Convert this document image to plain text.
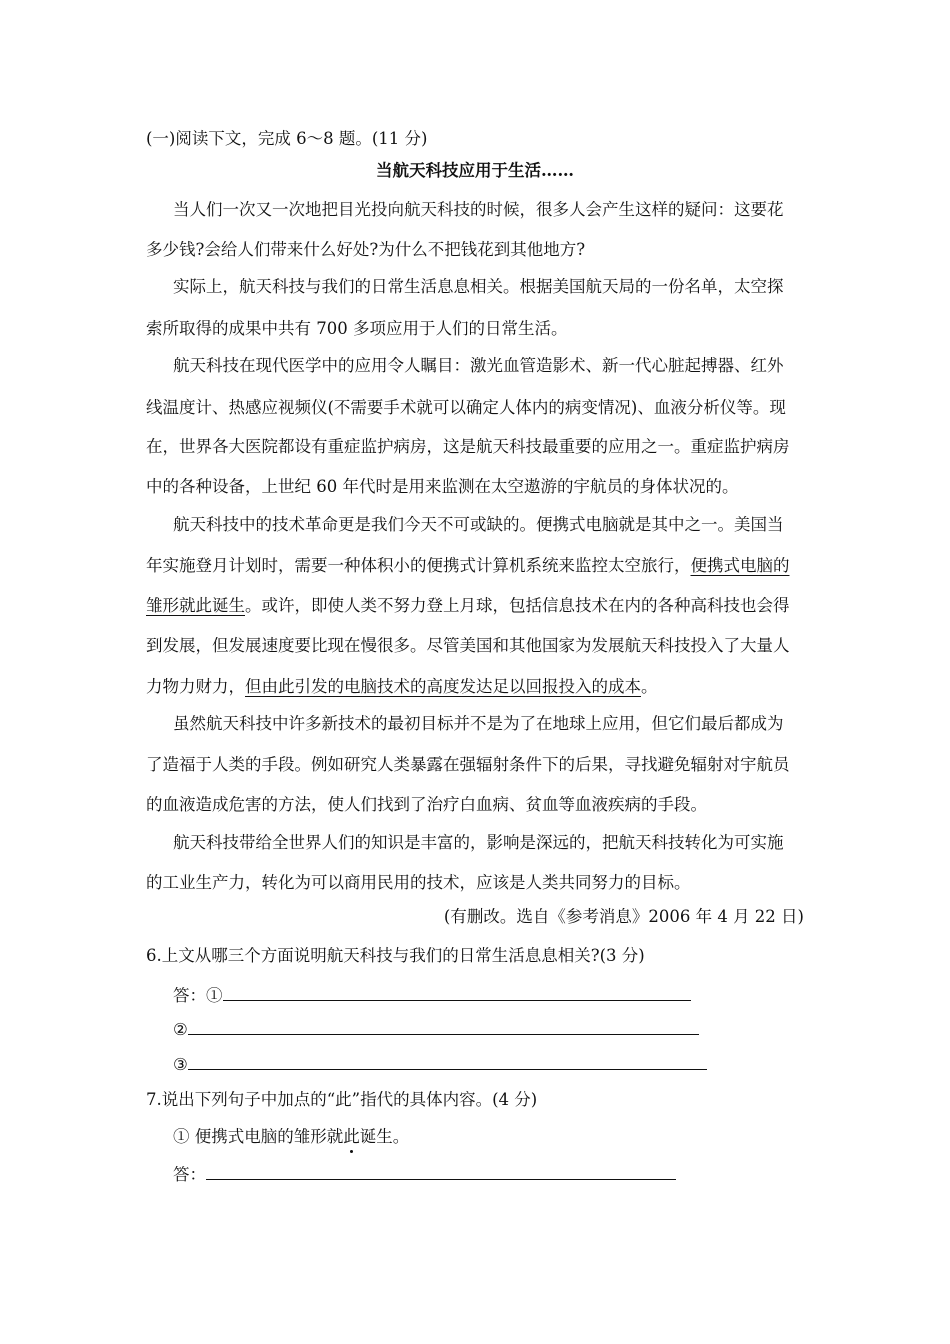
(一)阅读下文，完成 6～8 题。(11 分)
当航天科技应用于生活……
当人们一次又一次地把目光投向航天科技的时候，很多人会产生这样的疑问：这要花
多少钱?会给人们带来什么好处?为什么不把钱花到其他地方?
实际上，航天科技与我们的日常生活息息相关。根据美国航天局的一份名单，太空探
索所取得的成果中共有 700 多项应用于人们的日常生活。
航天科技在现代医学中的应用令人瞩目：激光血管造影术、新一代心脏起搏器、红外
线温度计、热感应视频仪(不需要手术就可以确定人体内的病变情况)、血液分析仪等。现
在，世界各大医院都设有重症监护病房，这是航天科技最重要的应用之一。重症监护病房
中的各种设备，上世纪 60 年代时是用来监测在太空遨游的宇航员的身体状况的。
航天科技中的技术革命更是我们今天不可或缺的。便携式电脑就是其中之一。美国当
年实施登月计划时，需要一种体积小的便携式计算机系统来监控太空旅行，便携式电脑的
雏形就此诞生。或许，即使人类不努力登上月球，包括信息技术在内的各种高科技也会得
到发展，但发展速度要比现在慢很多。尽管美国和其他国家为发展航天科技投入了大量人
力物力财力，但由此引发的电脑技术的高度发达足以回报投入的成本。
虽然航天科技中许多新技术的最初目标并不是为了在地球上应用，但它们最后都成为
了造福于人类的手段。例如研究人类暴露在强辐射条件下的后果，寻找避免辐射对宇航员
的血液造成危害的方法，使人们找到了治疗白血病、贫血等血液疾病的手段。
航天科技带给全世界人们的知识是丰富的，影响是深远的，把航天科技转化为可实施
的工业生产力，转化为可以商用民用的技术，应该是人类共同努力的目标。
(有删改。选自《参考消息》2006 年 4 月 22 日)
6.上文从哪三个方面说明航天科技与我们的日常生活息息相关?(3 分)
答：①
②
③
7.说出下列句子中加点的“此”指代的具体内容。(4 分)
① 便携式电脑的雏形就此诞生。
答：
